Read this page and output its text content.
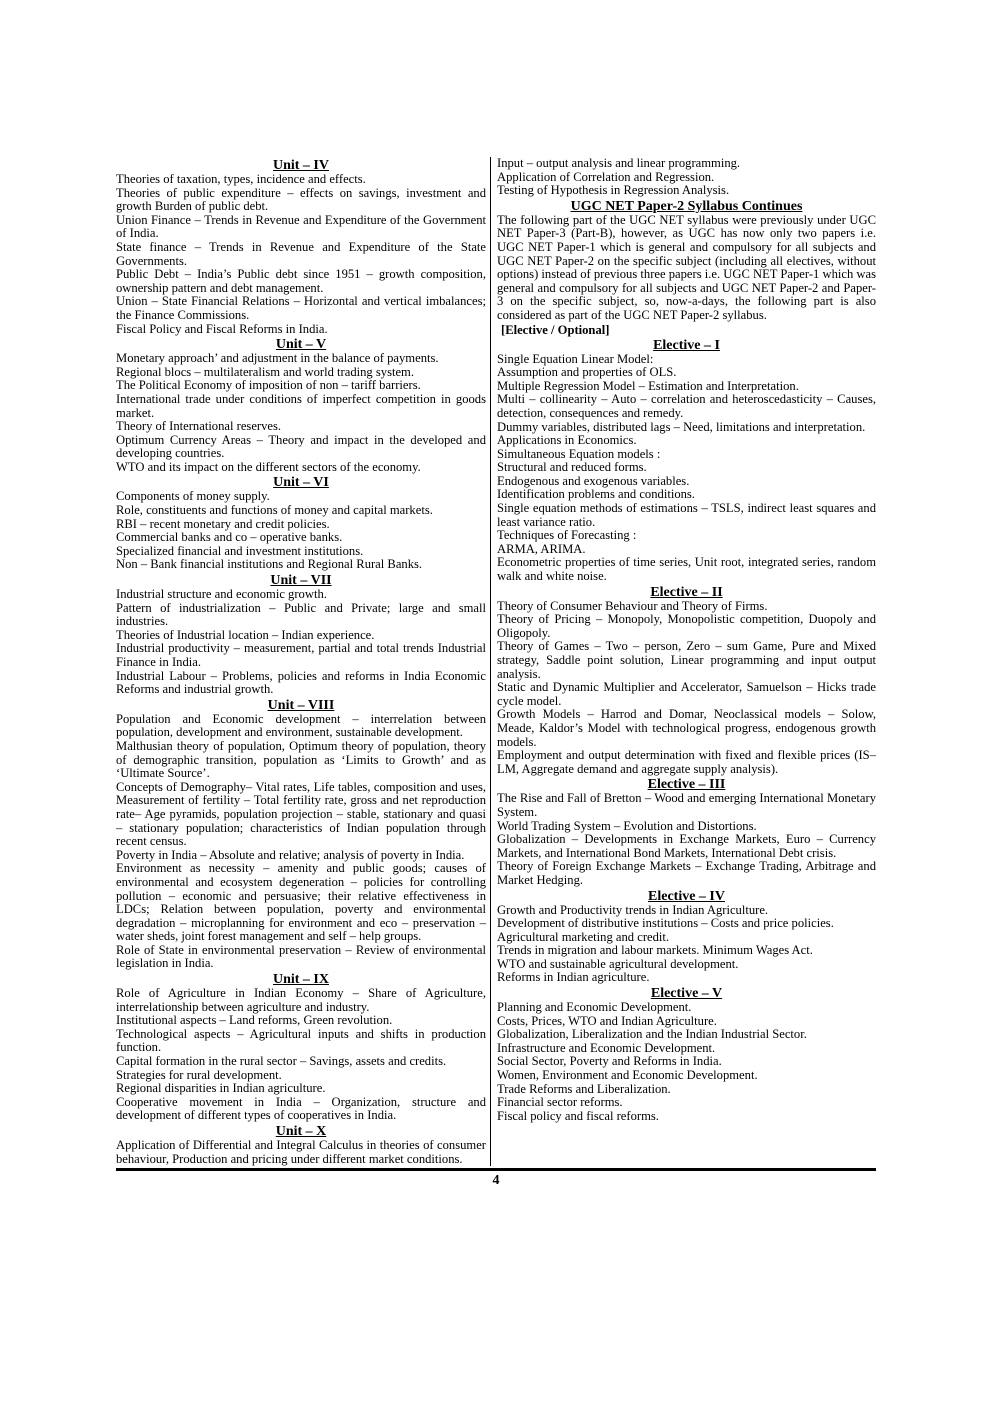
Unit – IV

Theories of taxation, types, incidence and effects.

Theories of public expenditure – effects on savings, investment and growth Burden of public debt.

Union Finance – Trends in Revenue and Expenditure of the Government of India.

State finance – Trends in Revenue and Expenditure of the State Governments.

Public Debt – India’s Public debt since 1951 – growth composition, ownership pattern and debt management.

Union – State Financial Relations – Horizontal and vertical imbalances; the Finance Commissions.

Fiscal Policy and Fiscal Reforms in India.

Unit – V

Monetary approach’ and adjustment in the balance of payments.

Regional blocs – multilateralism and world trading system.

The Political Economy of imposition of non – tariff barriers.

International trade under conditions of imperfect competition in goods market.

Theory of International reserves.

Optimum Currency Areas – Theory and impact in the developed and developing countries.

WTO and its impact on the different sectors of the economy.

Unit – VI

Components of money supply.

Role, constituents and functions of money and capital markets.

RBI – recent monetary and credit policies.

Commercial banks and co – operative banks.

Specialized financial and investment institutions.

Non – Bank financial institutions and Regional Rural Banks.

Unit – VII

Industrial structure and economic growth.

Pattern of industrialization – Public and Private; large and small industries.

Theories of Industrial location – Indian experience.

Industrial productivity – measurement, partial and total trends Industrial Finance in India.

Industrial Labour – Problems, policies and reforms in India Economic Reforms and industrial growth.

Unit – VIII

Population and Economic development – interrelation between population, development and environment, sustainable development.

Malthusian theory of population, Optimum theory of population, theory of demographic transition, population as ‘Limits to Growth’ and as ‘Ultimate Source’.

Concepts of Demography– Vital rates, Life tables, composition and uses, Measurement of fertility – Total fertility rate, gross and net reproduction rate– Age pyramids, population projection – stable, stationary and quasi – stationary population; characteristics of Indian population through recent census.

Poverty in India – Absolute and relative; analysis of poverty in India.

Environment as necessity – amenity and public goods; causes of environmental and ecosystem degeneration – policies for controlling pollution – economic and persuasive; their relative effectiveness in LDCs; Relation between population, poverty and environmental degradation – microplanning for environment and eco – preservation – water sheds, joint forest management and self – help groups.

Role of State in environmental preservation – Review of environmental legislation in India.

Unit – IX

Role of Agriculture in Indian Economy – Share of Agriculture, interrelationship between agriculture and industry.

Institutional aspects – Land reforms, Green revolution.

Technological aspects – Agricultural inputs and shifts in production function.

Capital formation in the rural sector – Savings, assets and credits.

Strategies for rural development.

Regional disparities in Indian agriculture.

Cooperative movement in India – Organization, structure and development of different types of cooperatives in India.

Unit – X

Application of Differential and Integral Calculus in theories of consumer behaviour, Production and pricing under different market conditions.

Input – output analysis and linear programming.

Application of Correlation and Regression.

Testing of Hypothesis in Regression Analysis.

UGC NET Paper-2 Syllabus Continues

The following part of the UGC NET syllabus were previously under UGC NET Paper-3 (Part-B), however, as UGC has now only two papers i.e. UGC NET Paper-1 which is general and compulsory for all subjects and UGC NET Paper-2 on the specific subject (including all electives, without options) instead of previous three papers i.e. UGC NET Paper-1 which was general and compulsory for all subjects and UGC NET Paper-2 and Paper-3 on the specific subject, so, now-a-days, the following part is also considered as part of the UGC NET Paper-2 syllabus.

[Elective / Optional]
Elective – I

Single Equation Linear Model:

Assumption and properties of OLS.

Multiple Regression Model – Estimation and Interpretation.

Multi – collinearity – Auto – correlation and heteroscedasticity – Causes, detection, consequences and remedy.

Dummy variables, distributed lags – Need, limitations and interpretation.

Applications in Economics.

Simultaneous Equation models :

Structural and reduced forms.

Endogenous and exogenous variables.

Identification problems and conditions.

Single equation methods of estimations – TSLS, indirect least squares and least variance ratio.

Techniques of Forecasting :

ARMA, ARIMA.

Econometric properties of time series, Unit root, integrated series, random walk and white noise.

Elective – II

Theory of Consumer Behaviour and Theory of Firms.

Theory of Pricing – Monopoly, Monopolistic competition, Duopoly and Oligopoly.

Theory of Games – Two – person, Zero – sum Game, Pure and Mixed strategy, Saddle point solution, Linear programming and input output analysis.

Static and Dynamic Multiplier and Accelerator, Samuelson – Hicks trade cycle model.

Growth Models – Harrod and Domar, Neoclassical models – Solow, Meade, Kaldor’s Model with technological progress, endogenous growth models.

Employment and output determination with fixed and flexible prices (IS–LM, Aggregate demand and aggregate supply analysis).

Elective – III

The Rise and Fall of Bretton – Wood and emerging International Monetary System.

World Trading System – Evolution and Distortions.

Globalization – Developments in Exchange Markets, Euro – Currency Markets, and International Bond Markets, International Debt crisis.

Theory of Foreign Exchange Markets – Exchange Trading, Arbitrage and Market Hedging.

Elective – IV

Growth and Productivity trends in Indian Agriculture.

Development of distributive institutions – Costs and price policies.

Agricultural marketing and credit.

Trends in migration and labour markets. Minimum Wages Act.

WTO and sustainable agricultural development.

Reforms in Indian agriculture.

Elective – V

Planning and Economic Development.

Costs, Prices, WTO and Indian Agriculture.

Globalization, Liberalization and the Indian Industrial Sector.

Infrastructure and Economic Development.

Social Sector, Poverty and Reforms in India.

Women, Environment and Economic Development.

Trade Reforms and Liberalization.

Financial sector reforms.

Fiscal policy and fiscal reforms.

4
